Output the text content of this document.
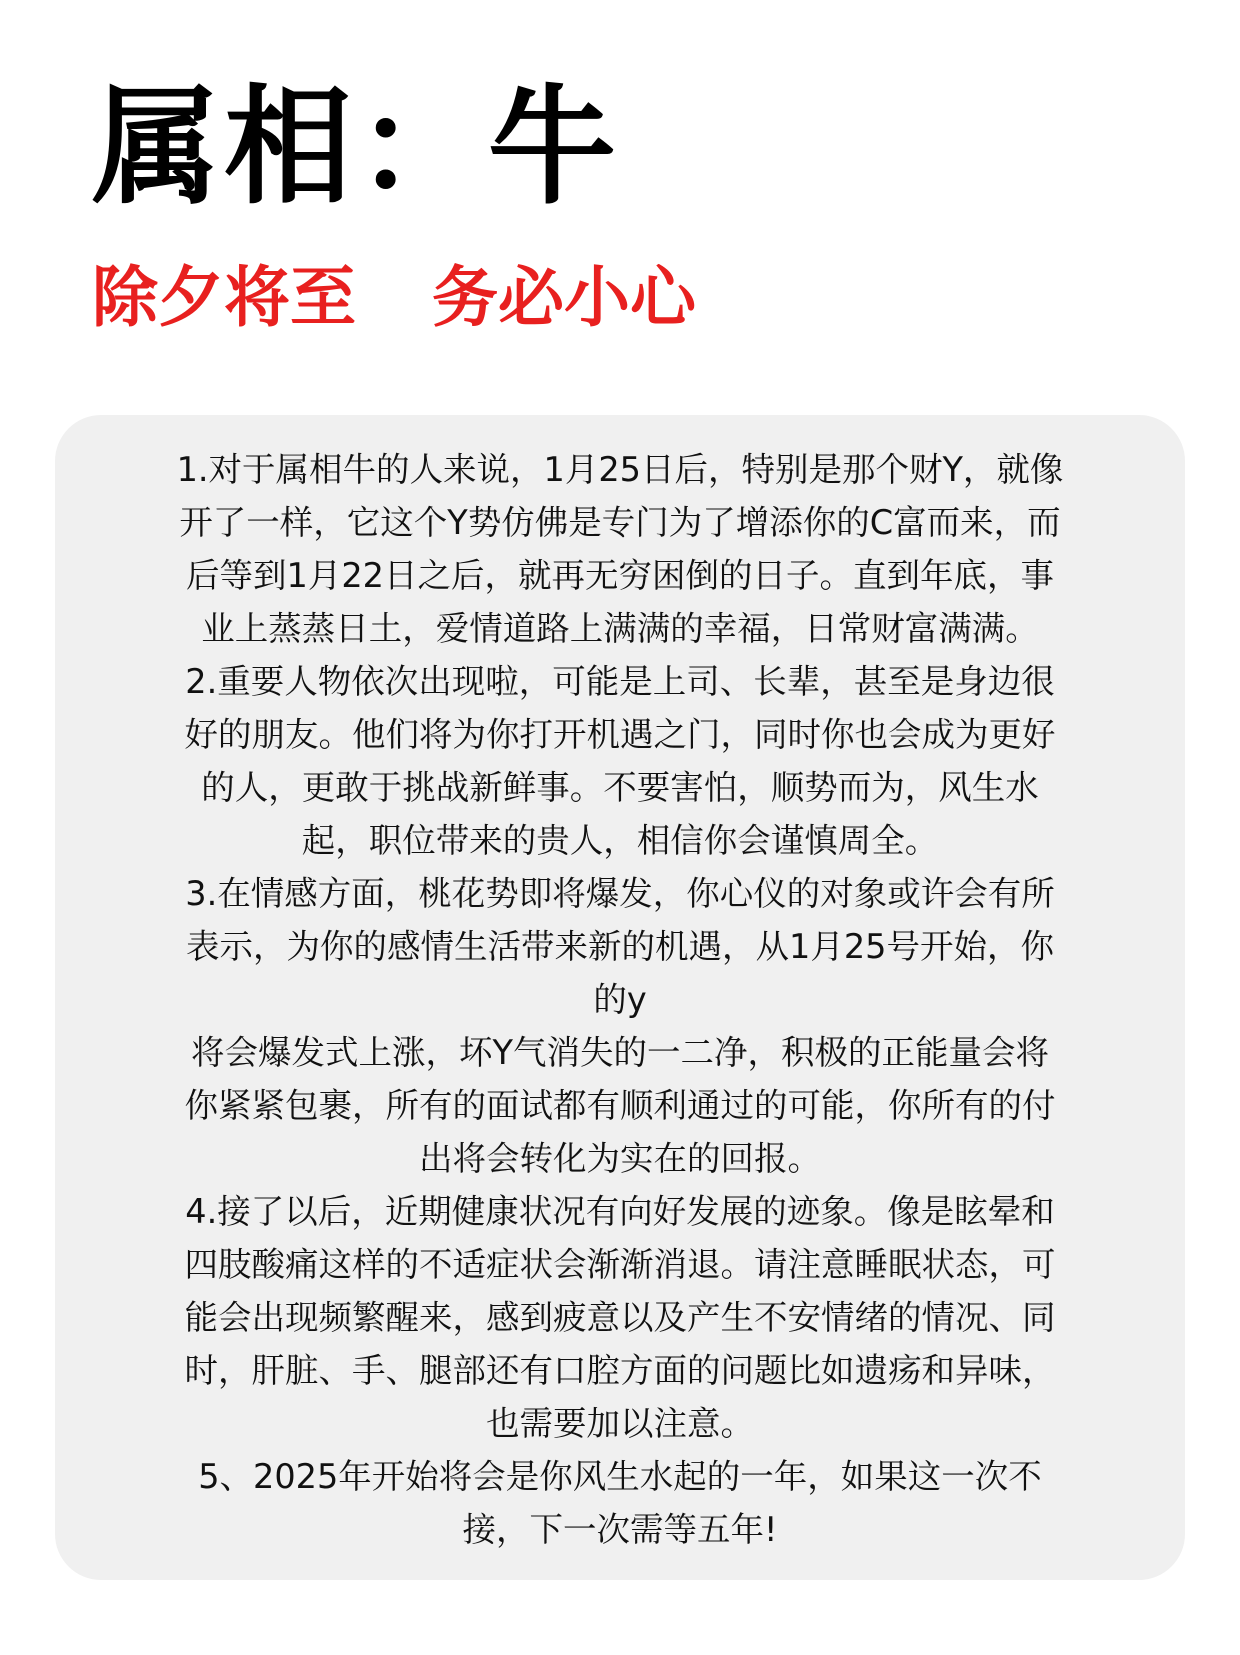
属相：牛
除夕将至 务必小心
1.对于属相牛的人来说，1月25日后，特别是那个财Y，就像
开了一样，它这个Y势仿佛是专门为了增添你的C富而来，而
后等到1月22日之后，就再无穷困倒的日子。直到年底，事
业上蒸蒸日土，爱情道路上满满的幸福，日常财富满满。
2.重要人物依次出现啦，可能是上司、长辈，甚至是身边很
好的朋友。他们将为你打开机遇之门，同时你也会成为更好
的人，更敢于挑战新鲜事。不要害怕，顺势而为，风生水
起，职位带来的贵人，相信你会谨慎周全。
3.在情感方面，桃花势即将爆发，你心仪的对象或许会有所
表示，为你的感情生活带来新的机遇，从1月25号开始，你
的y
将会爆发式上涨，坏Y气消失的一二净，积极的正能量会将
你紧紧包裹，所有的面试都有顺利通过的可能，你所有的付
出将会转化为实在的回报。
4.接了以后，近期健康状况有向好发展的迹象。像是眩晕和
四肢酸痛这样的不适症状会渐渐消退。请注意睡眠状态，可
能会出现频繁醒来，感到疲意以及产生不安情绪的情况、同
时，肝脏、手、腿部还有口腔方面的问题比如遗疡和异味，
也需要加以注意。
5、2025年开始将会是你风生水起的一年，如果这一次不
接，下一次需等五年!
